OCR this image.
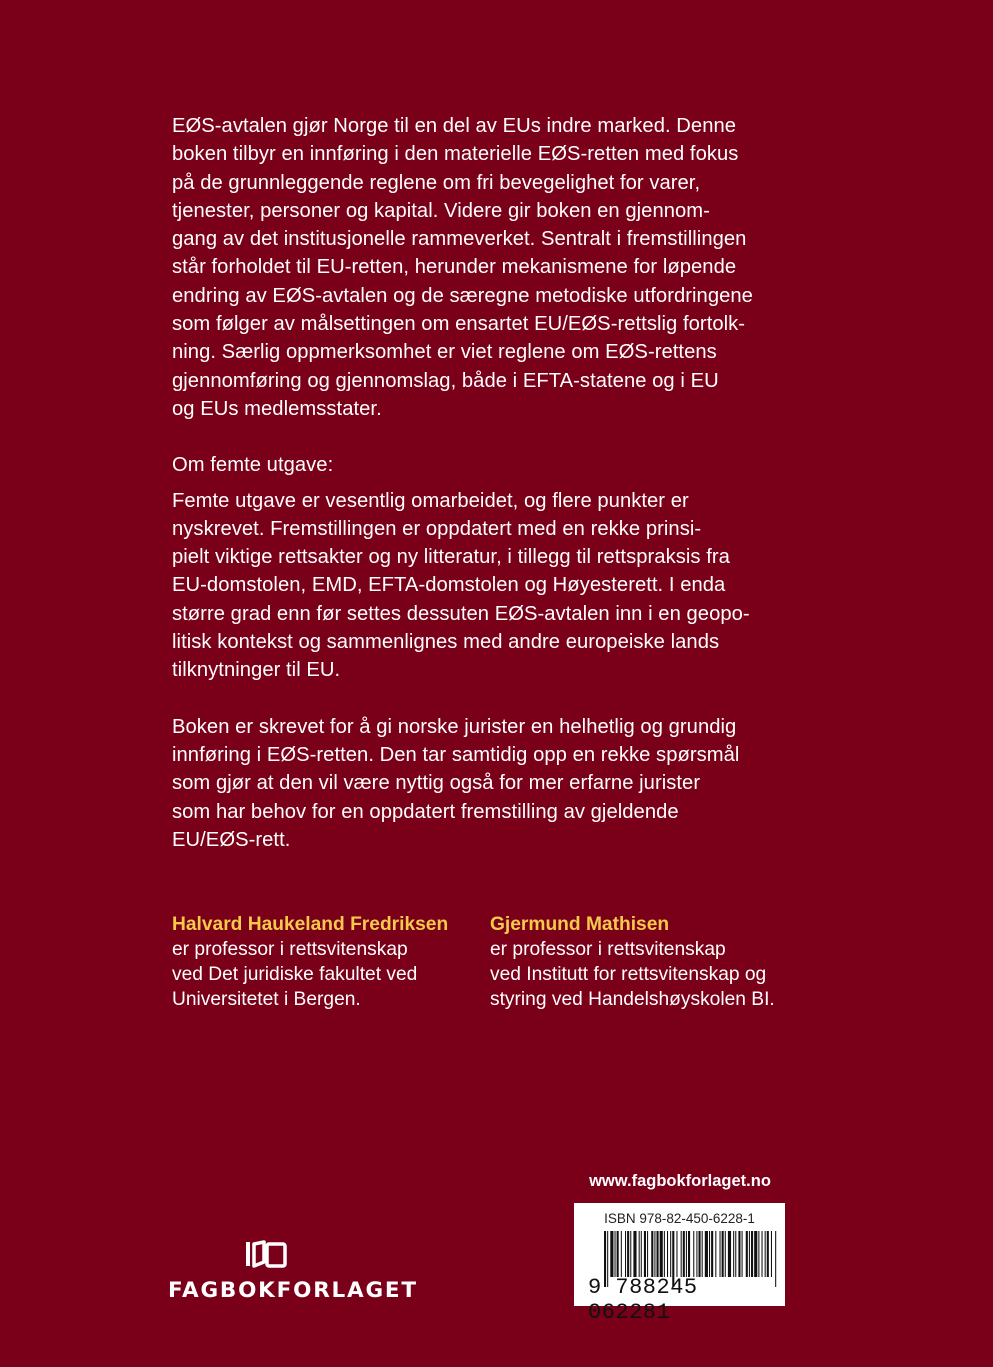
EØS-avtalen gjør Norge til en del av EUs indre marked. Denne
boken tilbyr en innføring i den materielle EØS-retten med fokus
på de grunnleggende reglene om fri bevegelighet for varer,
tjenester, personer og kapital. Videre gir boken en gjennom-
gang av det institusjonelle rammeverket. Sentralt i fremstillingen
står forholdet til EU-retten, herunder mekanismene for løpende
endring av EØS-avtalen og de særegne metodiske utfordringene
som følger av målsettingen om ensartet EU/EØS-rettslig fortolk-
ning. Særlig oppmerksomhet er viet reglene om EØS-rettens
gjennomføring og gjennomslag, både i EFTA-statene og i EU
og EUs medlemsstater.

Om femte utgave:

Femte utgave er vesentlig omarbeidet, og flere punkter er
nyskrevet. Fremstillingen er oppdatert med en rekke prinsi-
pielt viktige rettsakter og ny litteratur, i tillegg til rettspraksis fra
EU-domstolen, EMD, EFTA-domstolen og Høyesterett. I enda
større grad enn før settes dessuten EØS-avtalen inn i en geopo-
litisk kontekst og sammenlignes med andre europeiske lands
tilknytninger til EU.

Boken er skrevet for å gi norske jurister en helhetlig og grundig
innføring i EØS-retten. Den tar samtidig opp en rekke spørsmål
som gjør at den vil være nyttig også for mer erfarne jurister
som har behov for en oppdatert fremstilling av gjeldende
EU/EØS-rett.

Halvard Haukeland Fredriksen
er professor i rettsvitenskap
ved Det juridiske fakultet ved
Universitetet i Bergen.

Gjermund Mathisen
er professor i rettsvitenskap
ved Institutt for rettsvitenskap og
styring ved Handelshøyskolen BI.

www.fagbokforlaget.no
ISBN 978-82-450-6228-1
9 788245 062281
FAGBOKFORLAGET
